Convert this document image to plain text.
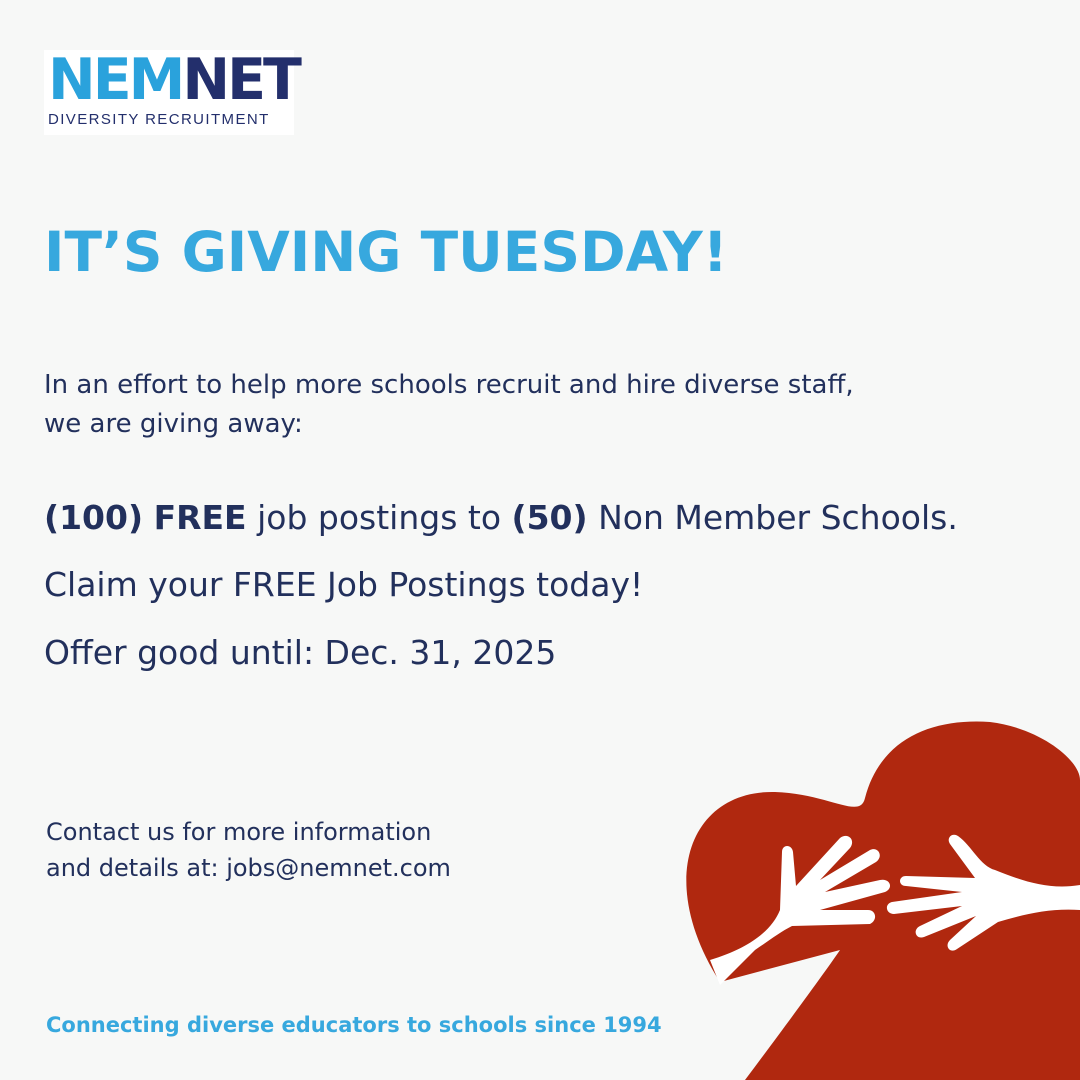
NEMNET
DIVERSITY RECRUITMENT
IT’S GIVING TUESDAY!
In an effort to help more schools recruit and hire diverse staff,
we are giving away:
(100) FREE job postings to (50) Non Member Schools.
Claim your FREE Job Postings today!
Offer good until: Dec. 31, 2025
Contact us for more information
and details at: jobs@nemnet.com
Connecting diverse educators to schools since 1994
